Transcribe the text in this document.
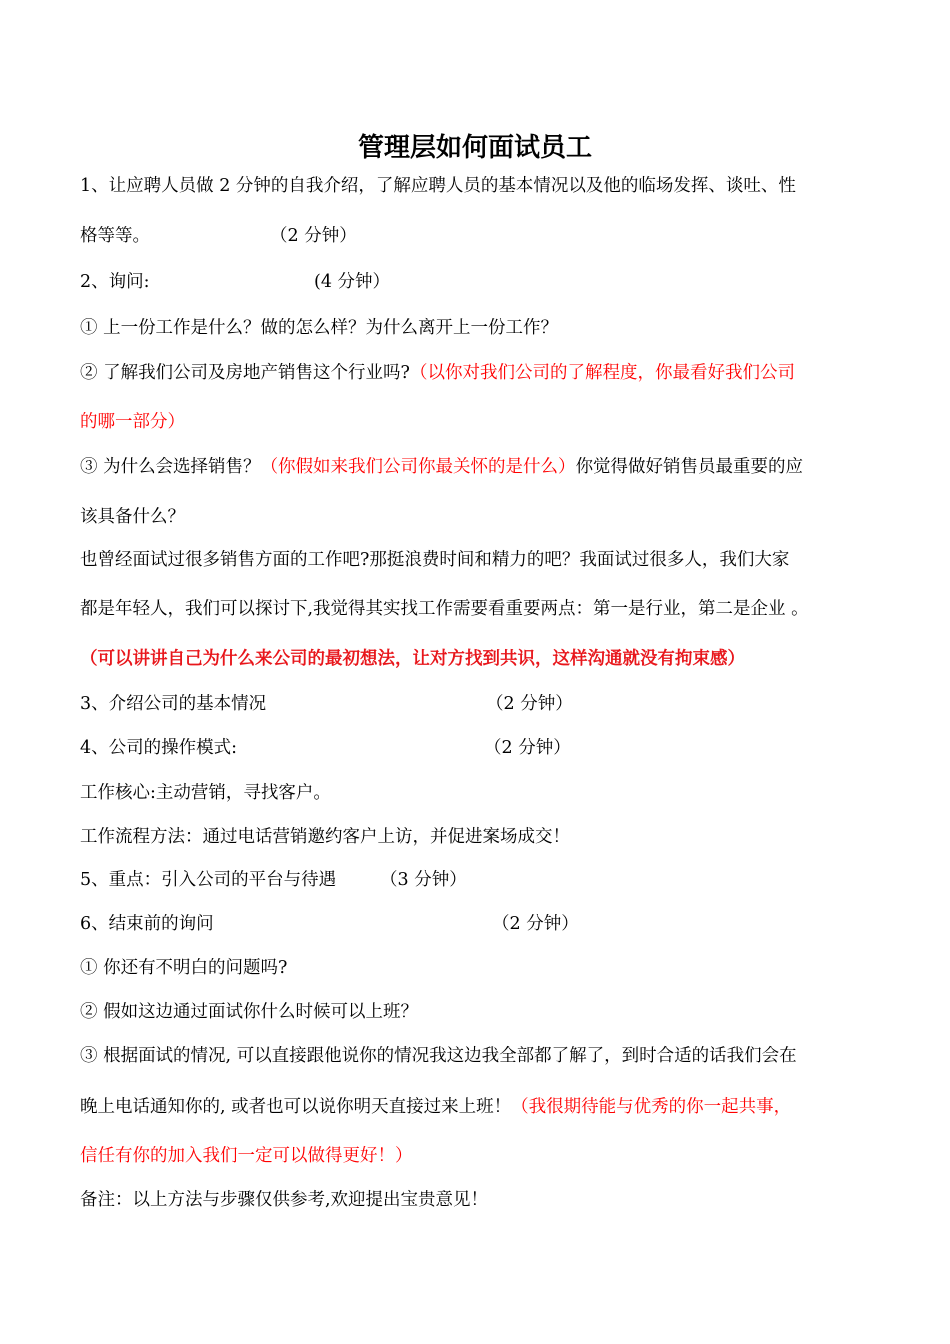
管理层如何面试员工
1、让应聘人员做 2 分钟的自我介绍，了解应聘人员的基本情况以及他的临场发挥、谈吐、性
格等等。	（2 分钟）
2、询问:	(4 分钟）
① 上一份工作是什么？做的怎么样？为什么离开上一份工作？
② 了解我们公司及房地产销售这个行业吗?（以你对我们公司的了解程度，你最看好我们公司
的哪一部分）
③ 为什么会选择销售？（你假如来我们公司你最关怀的是什么）你觉得做好销售员最重要的应
该具备什么？
也曾经面试过很多销售方面的工作吧?那挺浪费时间和精力的吧？我面试过很多人，我们大家
都是年轻人，我们可以探讨下,我觉得其实找工作需要看重要两点：第一是行业，第二是企业 。
（可以讲讲自己为什么来公司的最初想法，让对方找到共识，这样沟通就没有拘束感）
3、介绍公司的基本情况	（2 分钟）
4、公司的操作模式:	（2 分钟）
工作核心:主动营销，寻找客户。
工作流程方法：通过电话营销邀约客户上访，并促进案场成交！
5、重点：引入公司的平台与待遇	（3 分钟）
6、结束前的询问	（2 分钟）
① 你还有不明白的问题吗?
② 假如这边通过面试你什么时候可以上班？
③ 根据面试的情况, 可以直接跟他说你的情况我这边我全部都了解了，到时合适的话我们会在
晚上电话通知你的, 或者也可以说你明天直接过来上班！（我很期待能与优秀的你一起共事，
信任有你的加入我们一定可以做得更好！）
备注：以上方法与步骤仅供参考,欢迎提出宝贵意见！
